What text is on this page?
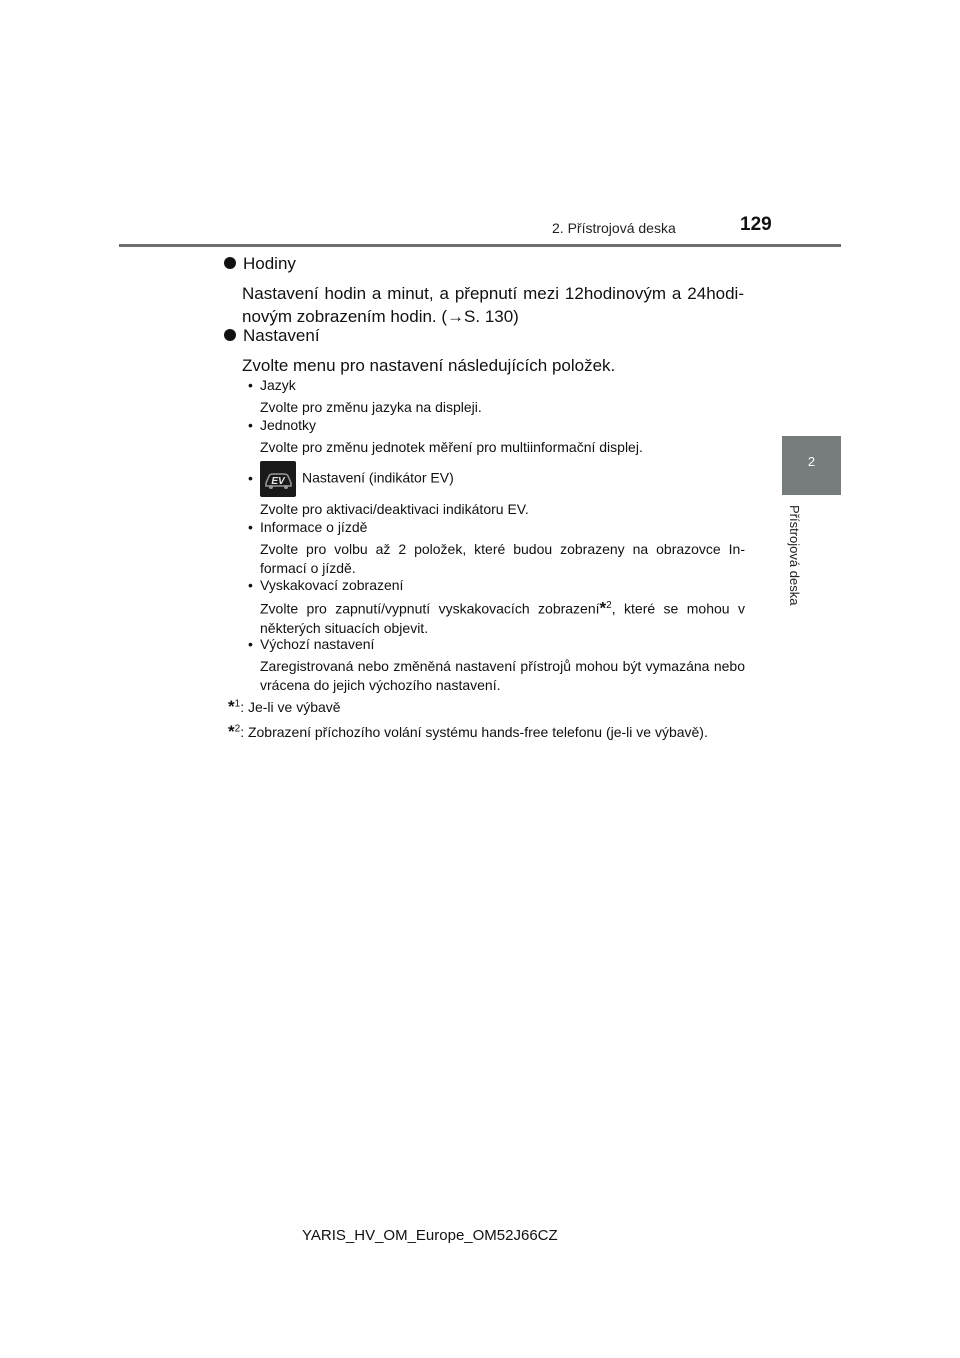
2. Přístrojová deska	129
2
Přístrojová deska
Hodiny
Nastavení hodin a minut, a přepnutí mezi 12hodinovým a 24hodi-novým zobrazením hodin. (→S. 130)
Nastavení
Zvolte menu pro nastavení následujících položek.
• Jazyk
Zvolte pro změnu jazyka na displeji.
• Jednotky
Zvolte pro změnu jednotek měření pro multiinformační displej.
• EV Nastavení (indikátor EV)
Zvolte pro aktivaci/deaktivaci indikátoru EV.
• Informace o jízdě
Zvolte pro volbu až 2 položek, které budou zobrazeny na obrazovce In-formací o jízdě.
• Vyskakovací zobrazení
Zvolte pro zapnutí/vypnutí vyskakovacích zobrazení*$^2$, které se mohou v některých situacích objevit.
• Výchozí nastavení
Zaregistrovaná nebo změněná nastavení přístrojů mohou být vymazána nebo vrácena do jejich výchozího nastavení.
*$^1$: Je-li ve výbavě
*$^2$: Zobrazení příchozího volání systému hands-free telefonu (je-li ve výbavě).
YARIS_HV_OM_Europe_OM52J66CZ
